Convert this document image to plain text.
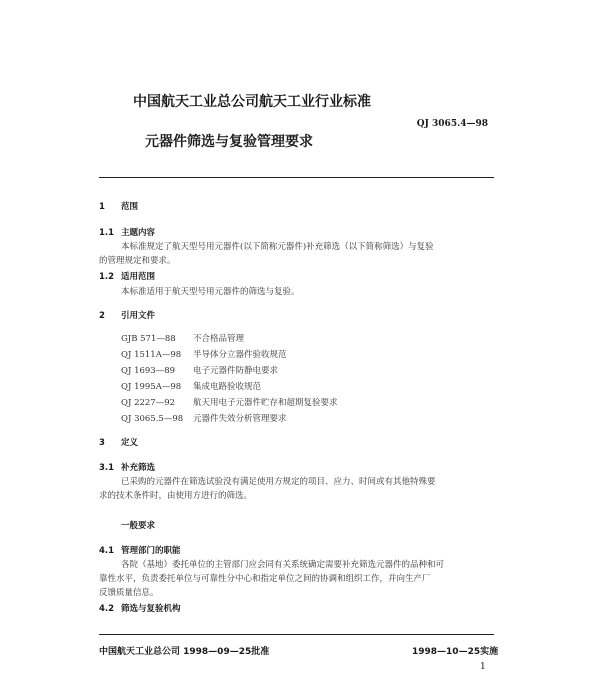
中国航天工业总公司航天工业行业标准
QJ 3065.4—98
元器件筛选与复验管理要求
1 范围
1.1 主题内容
本标准规定了航天型号用元器件(以下简称元器件)补充筛选（以下简称筛选）与复验
的管理规定和要求。
1.2 适用范围
本标准适用于航天型号用元器件的筛选与复验。
2 引用文件
GJB 571—88 不合格品管理
QJ 1511A—98 半导体分立器件验收规范
QJ 1693—89 电子元器件防静电要求
QJ 1995A—98 集成电路验收规范
QJ 2227—92 航天用电子元器件贮存和超期复验要求
QJ 3065.5—98 元器件失效分析管理要求
3 定义
3.1 补充筛选
已采购的元器件在筛选试验没有满足使用方规定的项目、应力、时间或有其他特殊要
求的技术条件时，由使用方进行的筛选。
一般要求
4.1 管理部门的职能
各院（基地）委托单位的主管部门应会同有关系统确定需要补充筛选元器件的品种和可
靠性水平，负责委托单位与可靠性分中心和指定单位之间的协调和组织工作，并向生产厂
反馈质量信息。
4.2 筛选与复验机构
中国航天工业总公司 1998—09—25批准	1998—10—25实施
1
